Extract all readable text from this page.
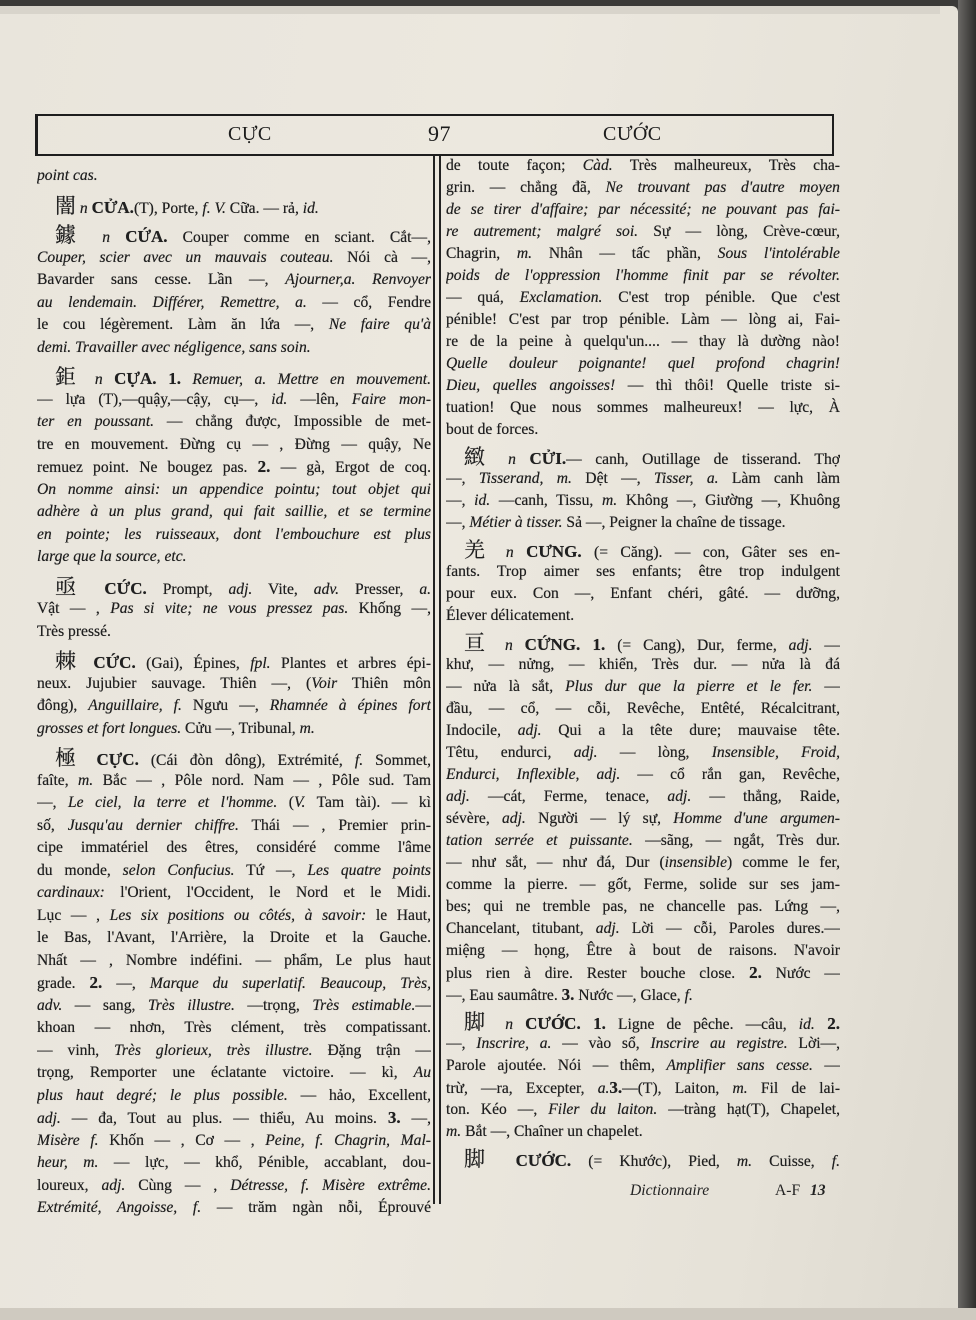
CỰC	97	CƯỚC
point cas.
闇 n CỬA.(T), Porte, f. V. Cữa. — rả, id.
鐻 n CỨA. Couper comme en sciant. Cắt—,
Couper, scier avec un mauvais couteau. Nói cà —,
Bavarder sans cesse. Lần —, Ajourner,a. Renvoyer
au lendemain. Différer, Remettre, a. — cổ, Fendre
le cou légèrement. Làm ăn lứa —, Ne faire qu'à
demi. Travailler avec négligence, sans soin.
鉅 n CỰA. 1. Remuer, a. Mettre en mouvement.
— lựa (T),—quậy,—cậy, cụ—, id. —lên, Faire mon-
ter en poussant. — chẳng được, Impossible de met-
tre en mouvement. Đừng cụ — , Đừng — quậy, Ne
remuez point. Ne bougez pas. 2. — gà, Ergot de coq.
On nomme ainsi: un appendice pointu; tout objet qui
adhère à un plus grand, qui fait saillie, et se termine
en pointe; les ruisseaux, dont l'embouchure est plus
large que la source, etc.
亟 CỨC. Prompt, adj. Vite, adv. Presser, a.
Vật — , Pas si vite; ne vous pressez pas. Khống —,
Très pressé.
棘 CỨC. (Gai), Épines, fpl. Plantes et arbres épi-
neux. Jujubier sauvage. Thiên —, (Voir Thiên môn
đông), Anguillaire, f. Ngưu —, Rhamnée à épines fort
grosses et fort longues. Cửu —, Tribunal, m.
極 CỰC. (Cái đòn dông), Extrémité, f. Sommet,
faîte, m. Bắc — , Pôle nord. Nam — , Pôle sud. Tam
—, Le ciel, la terre et l'homme. (V. Tam tài). — kì
số, Jusqu'au dernier chiffre. Thái — , Premier prin-
cipe immatériel des êtres, considéré comme l'âme
du monde, selon Confucius. Tứ —, Les quatre points
cardinaux: l'Orient, l'Occident, le Nord et le Midi.
Lục — , Les six positions ou côtés, à savoir: le Haut,
le Bas, l'Avant, l'Arrière, la Droite et la Gauche.
Nhất — , Nombre indéfini. — phẩm, Le plus haut
grade. 2. —, Marque du superlatif. Beaucoup, Très,
adv. — sang, Très illustre. —trọng, Très estimable.—
khoan — nhơn, Très clément, très compatissant.
— vinh, Très glorieux, très illustre. Đặng trận —
trọng, Remporter une éclatante victoire. — kì, Au
plus haut degré; le plus possible. — hảo, Excellent,
adj. — đa, Tout au plus. — thiểu, Au moins. 3. —,
Misère f. Khốn — , Cơ — , Peine, f. Chagrin, Mal-
heur, m. — lực, — khổ, Pénible, accablant, dou-
loureux, adj. Cùng — , Détresse, f. Misère extrême.
Extrémité, Angoisse, f. — trăm ngàn nỗi, Éprouvé
de toute façon; Càd. Très malheureux, Très cha-
grin. — chẳng đã, Ne trouvant pas d'autre moyen
de se tirer d'affaire; par nécessité; ne pouvant pas fai-
re autrement; malgré soi. Sự — lòng, Crève-cœur,
Chagrin, m. Nhân — tấc phần, Sous l'intolérable
poids de l'oppression l'homme finit par se révolter.
— quá, Exclamation. C'est trop pénible. Que c'est
pénible! C'est par trop pénible. Làm — lòng ai, Fai-
re de la peine à quelqu'un.... — thay là dường nào!
Quelle douleur poignante! quel profond chagrin!
Dieu, quelles angoisses! — thì thôi! Quelle triste si-
tuation! Que nous sommes malheureux! — lực, À
bout de forces.
緻 n CỬI.— canh, Outillage de tisserand. Thợ
—, Tisserand, m. Dệt —, Tisser, a. Làm canh làm
—, id. —canh, Tissu, m. Không —, Giường —, Khuông
—, Métier à tisser. Sả —, Peigner la chaîne de tissage.
羌 n CƯNG. (= Căng). — con, Gâter ses en-
fants. Trop aimer ses enfants; être trop indulgent
pour eux. Con —, Enfant chéri, gâté. — dưỡng,
Élever délicatement.
亘 n CỨNG. 1. (= Cang), Dur, ferme, adj. —
khư, — nửng, — khiển, Très dur. — nửa là đá
— nửa là sắt, Plus dur que la pierre et le fer. —
đầu, — cổ, — cỗi, Revêche, Entêté, Récalcitrant,
Indocile, adj. Qui a la tête dure; mauvaise tête.
Têtu, endurci, adj. — lòng, Insensible, Froid,
Endurci, Inflexible, adj. — cổ rắn gan, Revêche,
adj. —cát, Ferme, tenace, adj. — thẳng, Raide,
sévère, adj. Người — lý sự, Homme d'une argumen-
tation serrée et puissante. —sãng, — ngắt, Très dur.
— như sắt, — như đá, Dur (insensible) comme le fer,
comme la pierre. — gốt, Ferme, solide sur ses jam-
bes; qui ne tremble pas, ne chancelle pas. Lứng —,
Chancelant, titubant, adj. Lời — cỗi, Paroles dures.—
miệng — họng, Être à bout de raisons. N'avoir
plus rien à dire. Rester bouche close. 2. Nước —
—, Eau saumâtre. 3. Nước —, Glace, f.
脚 n CƯỚC. 1. Ligne de pêche. —câu, id. 2.
—, Inscrire, a. — vào sổ, Inscrire au registre. Lời—,
Parole ajoutée. Nói — thêm, Amplifier sans cesse. —
trừ, —ra, Excepter, a.3.—(T), Laiton, m. Fil de lai-
ton. Kéo —, Filer du laiton. —tràng hạt(T), Chapelet,
m. Bắt —, Chaîner un chapelet.
脚 CƯỚC. (= Khước), Pied, m. Cuisse, f.
Dictionnaire	A-F 13
